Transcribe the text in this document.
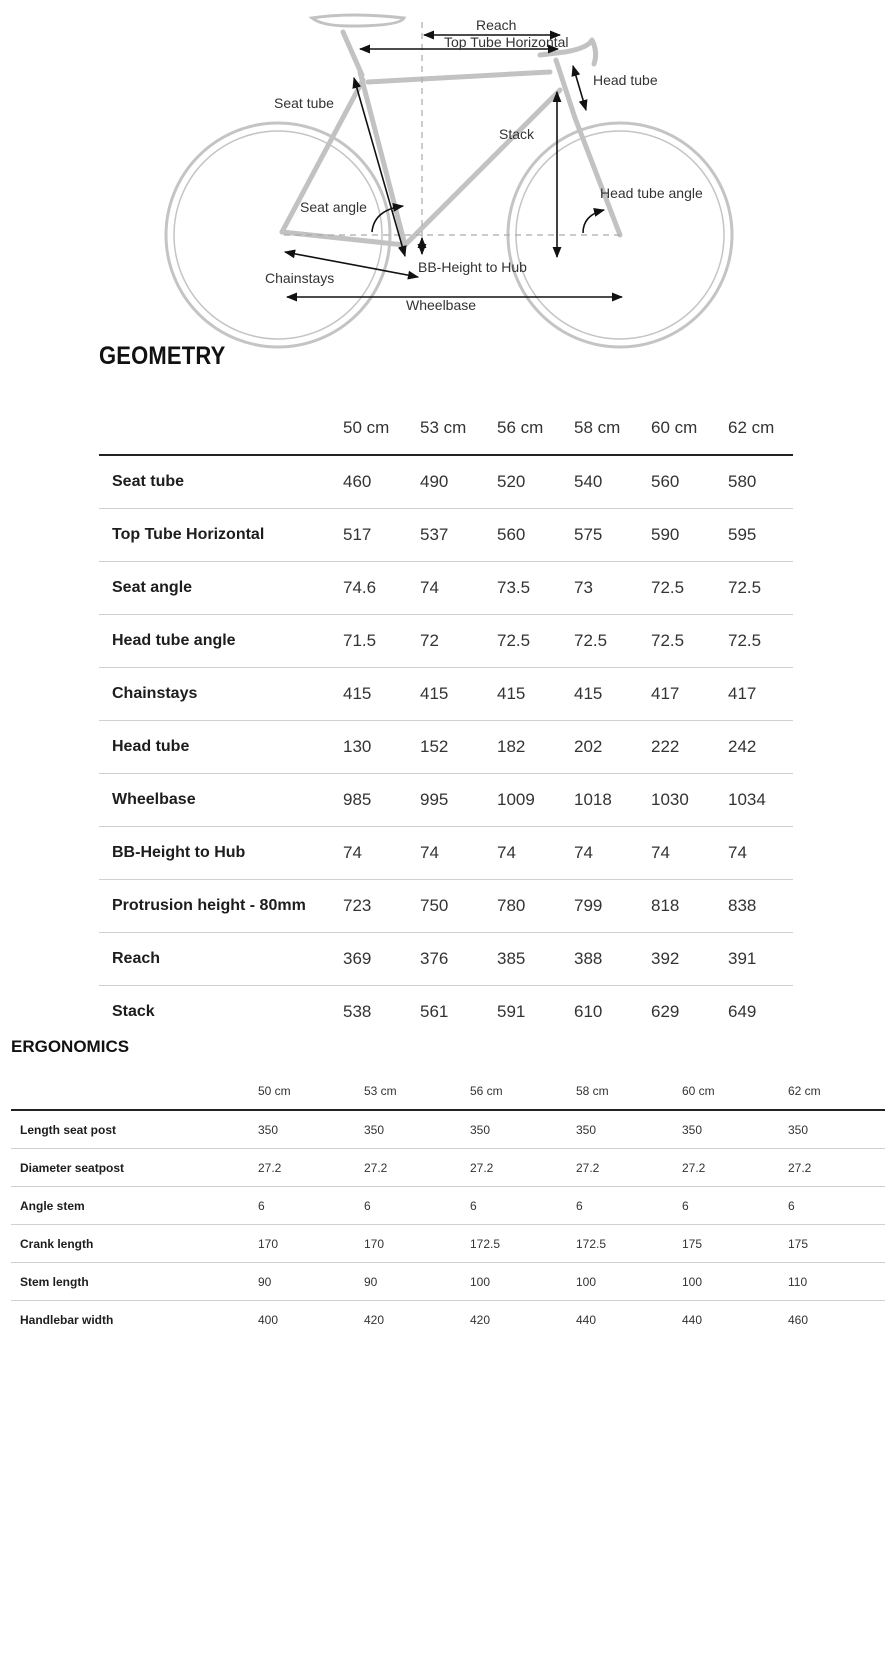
Reach
Top Tube Horizontal
Head tube
Seat tube
Stack
Seat angle
Head tube angle
Chainstays
BB-Height to Hub
Wheelbase
GEOMETRY
	50 cm	53 cm	56 cm	58 cm	60 cm	62 cm
Seat tube	460	490	520	540	560	580
Top Tube Horizontal	517	537	560	575	590	595
Seat angle	74.6	74	73.5	73	72.5	72.5
Head tube angle	71.5	72	72.5	72.5	72.5	72.5
Chainstays	415	415	415	415	417	417
Head tube	130	152	182	202	222	242
Wheelbase	985	995	1009	1018	1030	1034
BB-Height to Hub	74	74	74	74	74	74
Protrusion height - 80mm	723	750	780	799	818	838
Reach	369	376	385	388	392	391
Stack	538	561	591	610	629	649
ERGONOMICS
	50 cm	53 cm	56 cm	58 cm	60 cm	62 cm
Length seat post	350	350	350	350	350	350
Diameter seatpost	27.2	27.2	27.2	27.2	27.2	27.2
Angle stem	6	6	6	6	6	6
Crank length	170	170	172.5	172.5	175	175
Stem length	90	90	100	100	100	110
Handlebar width	400	420	420	440	440	460
